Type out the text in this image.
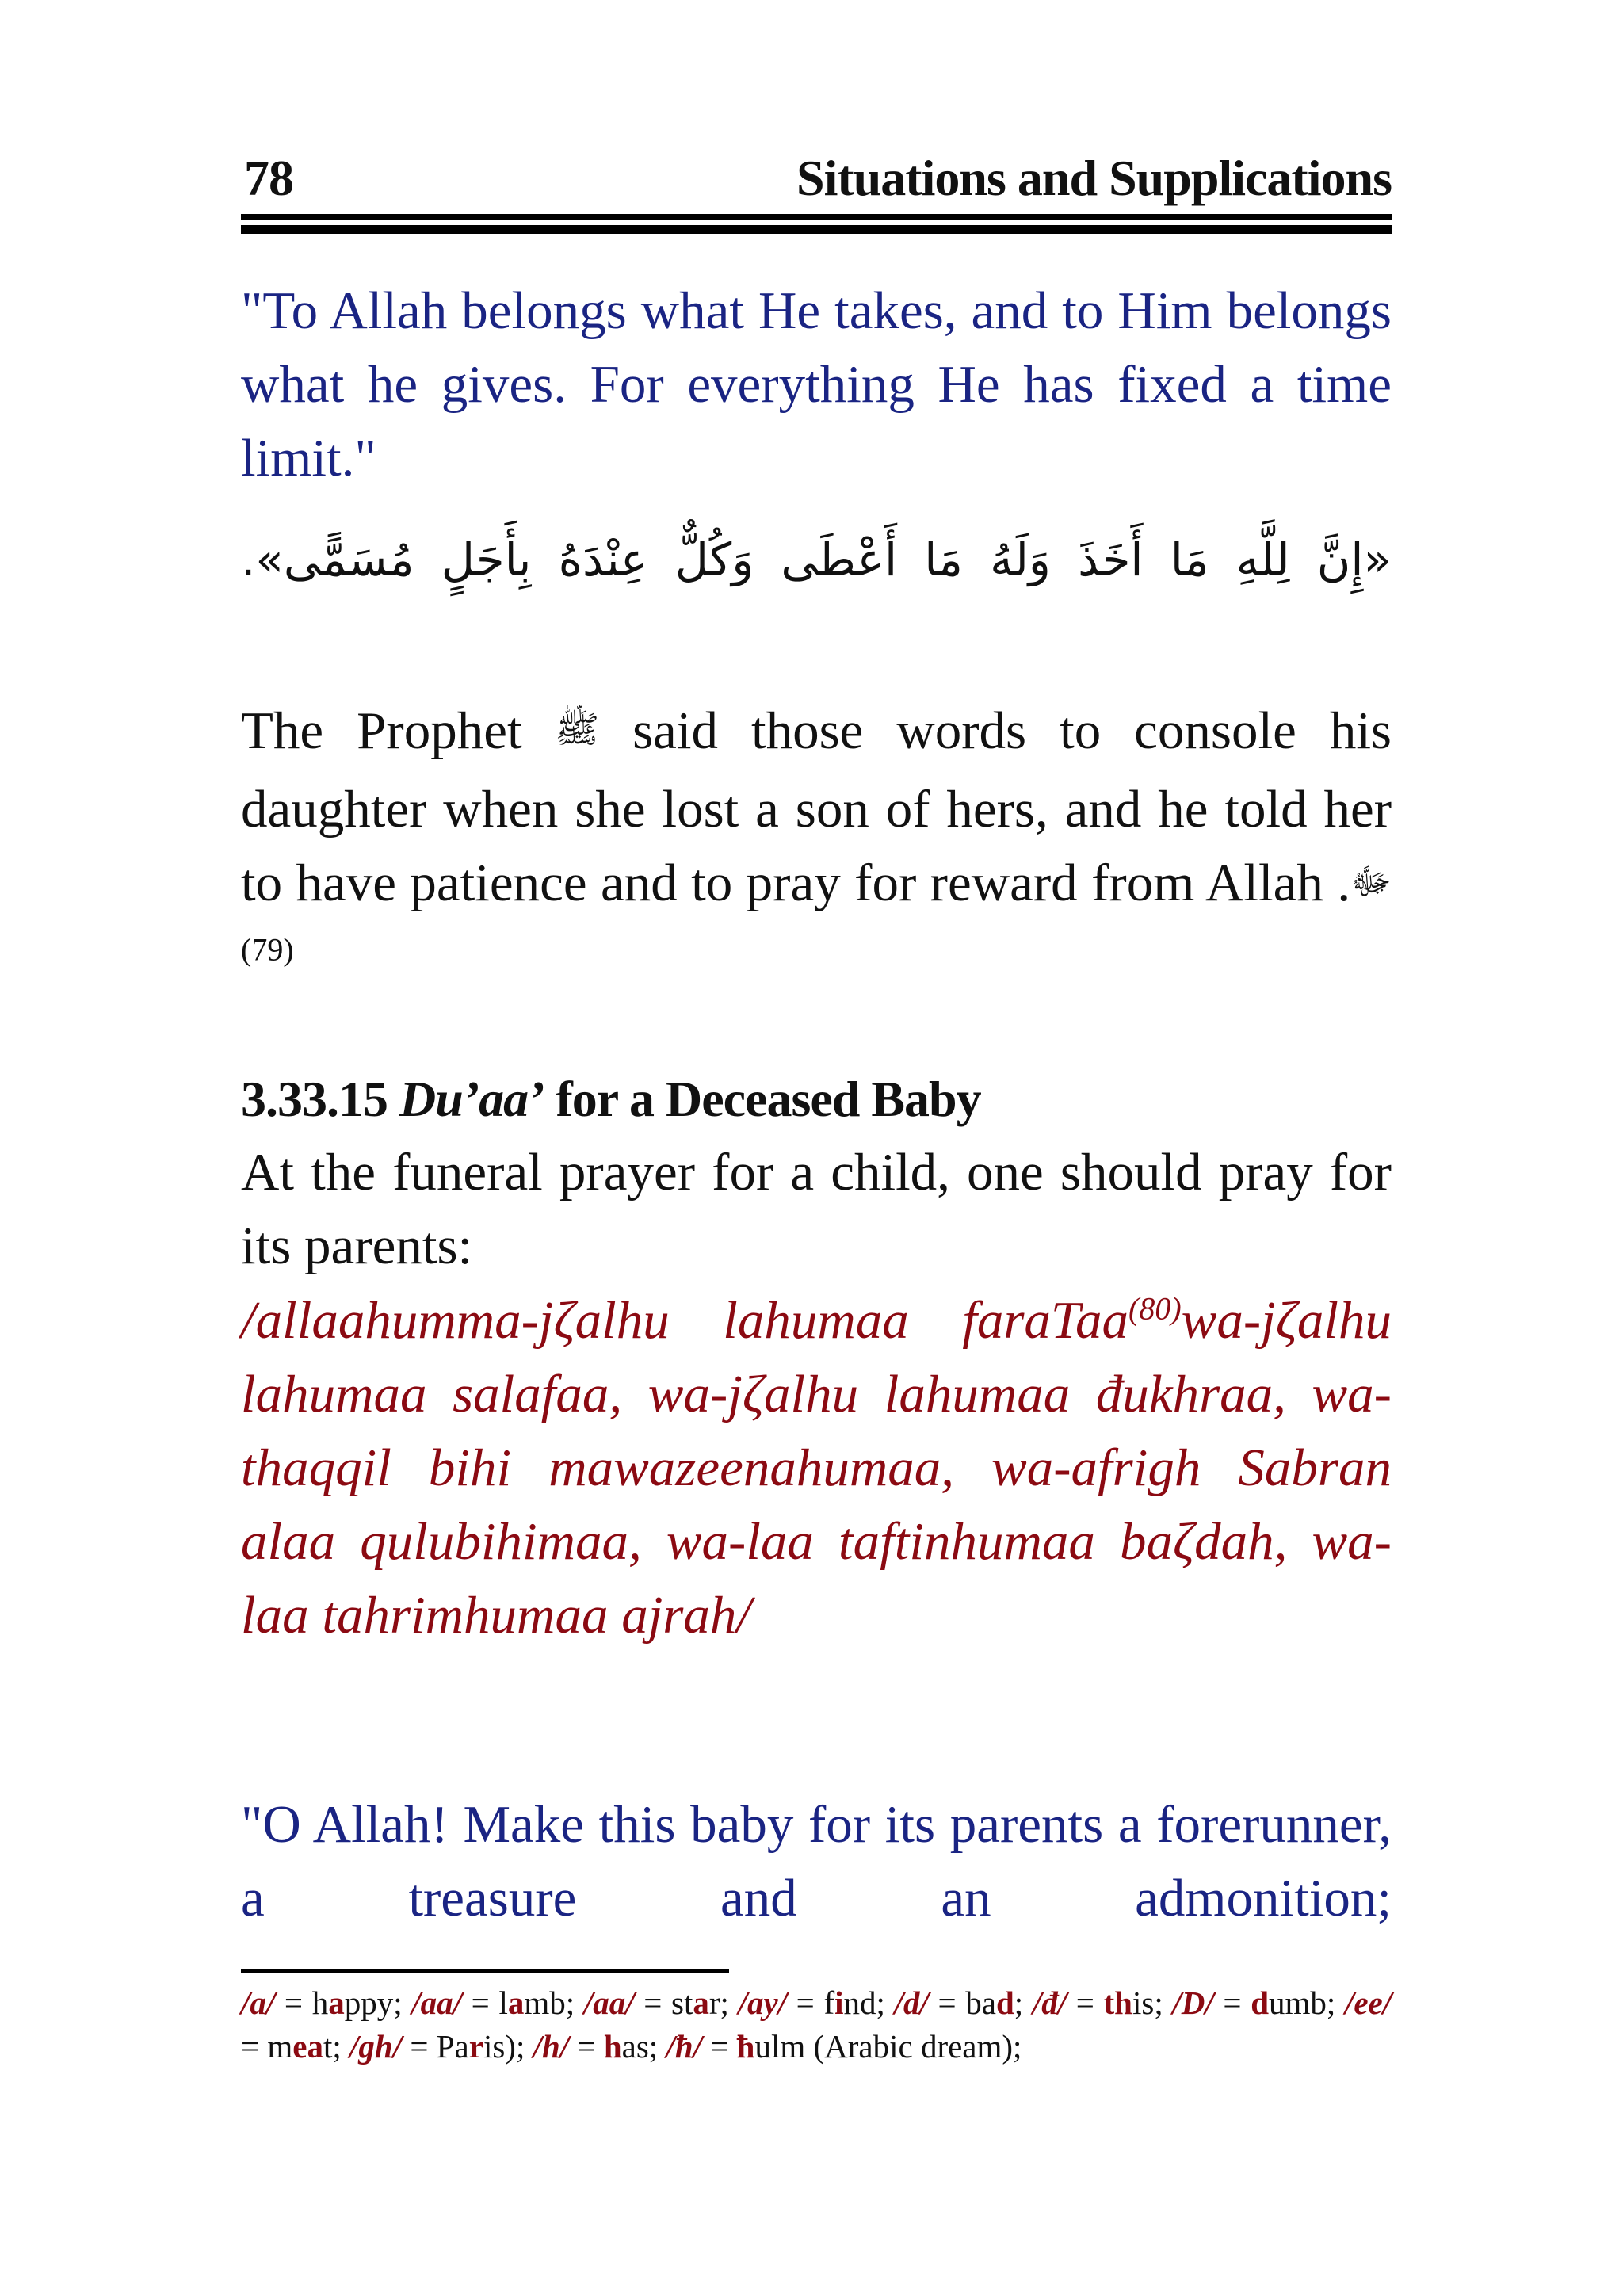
78	Situations and Supplications

"To Allah belongs what He takes, and to Him belongs what he gives. For everything He has fixed a time limit."

«إِنَّ لِلَّهِ مَا أَخَذَ وَلَهُ مَا أَعْطَى وَكُلٌّ عِنْدَهُ بِأَجَلٍ مُسَمًّى».

The Prophet ﷺ said those words to console his daughter when she lost a son of hers, and he told her to have patience and to pray for reward from Allah ﷻ.$^{(79)}$

3.33.15 Du’aa’ for a Deceased Baby

At the funeral prayer for a child, one should pray for its parents:

/allaahumma-jζalhu lahumaa faraTaa$^{(80)}$wa-jζalhu lahumaa salafaa, wa-jζalhu lahumaa đukhraa, wa-thaqqil bihi mawazeenahumaa, wa-afrigh Sabran alaa qulubihimaa, wa-laa taftinhumaa baζdah, wa-laa tahrimhumaa ajrah/

"O Allah! Make this baby for its parents a forerunner, a treasure and an admonition;

/a/ = happy; /aa/ = lamb; /aa/ = star; /ay/ = find; /d/ = bad; /đ/ = this; /D/ = dumb; /ee/ = meat; /gh/ = Paris); /h/ = has; /ħ/ = ħulm (Arabic dream);
